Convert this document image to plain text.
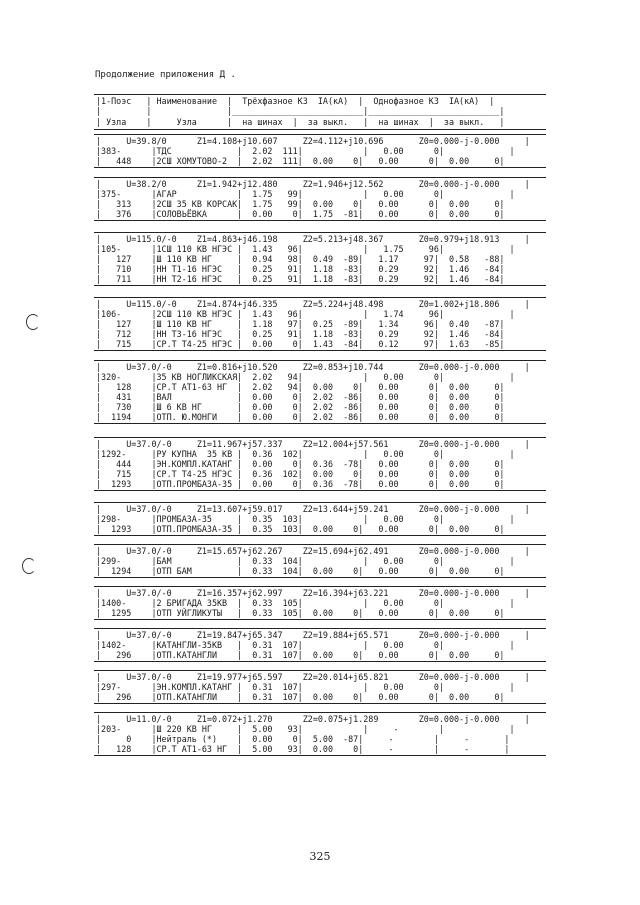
Продолжение приложения Д .
|1-Поэс   | Наименование  |  Трёхфазное КЗ  IA(кА)  |  Однофазное КЗ  IA(кА)  |
|         |               |__________________________|__________________________|
| Узла    |     Узла      |  на шинах  |  за выкл.   |  на шинах  |  за выкл.   |
|     U=39.8/0      Z1=4.108+j10.607     Z2=4.112+j10.696       Z0=0.000-j-0.000     |
|383-      |ТДС             |  2.02  111|            |   0.00      0|             |
|   448    |2СШ ХОМУТОВО-2  |  2.02  111|  0.00    0|   0.00      0|  0.00     0|
|     U=38.2/0      Z1=1.942+j12.480     Z2=1.946+j12.562       Z0=0.000-j-0.000     |
|375-      |АГАР            |  1.75   99|            |   0.00      0|             |
|   313    |2СШ 35 КВ КОРСАК|  1.75   99|  0.00    0|   0.00      0|  0.00     0|
|   376    |СОЛОВЬЁВКА      |  0.00    0|  1.75  -81|   0.00      0|  0.00     0|
|     U=115.0/-0    Z1=4.863+j46.198     Z2=5.213+j48.367       Z0=0.979+j18.913     |
|105-      |1СШ 110 КВ НГЭС |  1.43   96|            |   1.75     96|             |
|   127    |Ш 110 КВ НГ     |  0.94   98|  0.49  -89|   1.17     97|  0.58   -88|
|   710    |НН Т1-16 НГЭС   |  0.25   91|  1.18  -83|   0.29     92|  1.46   -84|
|   711    |НН Т2-16 НГЭС   |  0.25   91|  1.18  -83|   0.29     92|  1.46   -84|
|     U=115.0/-0    Z1=4.874+j46.335     Z2=5.224+j48.498       Z0=1.002+j18.806     |
|106-      |2СШ 110 КВ НГЭС |  1.43   96|            |   1.74     96|             |
|   127    |Ш 110 КВ НГ     |  1.18   97|  0.25  -89|   1.34     96|  0.40   -87|
|   712    |НН Т3-16 НГЭС   |  0.25   91|  1.18  -83|   0.29     92|  1.46   -84|
|   715    |СР.Т Т4-25 НГЭС |  0.00    0|  1.43  -84|   0.12     97|  1.63   -85|
|     U=37.0/-0     Z1=0.816+j10.520     Z2=0.853+j10.744       Z0=0.000-j-0.000     |
|320-      |35 КВ НОГЛИКСКАЯ|  2.02   94|            |   0.00      0|             |
|   128    |СР.Т АТ1-63 НГ  |  2.02   94|  0.00    0|   0.00      0|  0.00     0|
|   431    |ВАЛ             |  0.00    0|  2.02  -86|   0.00      0|  0.00     0|
|   730    |Ш 6 КВ НГ       |  0.00    0|  2.02  -86|   0.00      0|  0.00     0|
|  1194    |ОТП. Ю.МОНГИ    |  0.00    0|  2.02  -86|   0.00      0|  0.00     0|
|     U=37.0/-0     Z1=11.967+j57.337    Z2=12.004+j57.561      Z0=0.000-j-0.000     |
|1292-     |РУ КУПНА  35 КВ |  0.36  102|            |   0.00      0|             |
|   444    |ЭН.КОМПЛ.КАТАНГ |  0.00    0|  0.36  -78|   0.00      0|  0.00     0|
|   715    |СР.Т Т4-25 НГЭС |  0.36  102|  0.00    0|   0.00      0|  0.00     0|
|  1293    |ОТП.ПРОМБАЗА-35 |  0.00    0|  0.36  -78|   0.00      0|  0.00     0|
|     U=37.0/-0     Z1=13.607+j59.017    Z2=13.644+j59.241      Z0=0.000-j-0.000     |
|298-      |ПРОМБАЗА-35     |  0.35  103|            |   0.00      0|             |
|  1293    |ОТП.ПРОМБАЗА-35 |  0.35  103|  0.00    0|   0.00      0|  0.00     0|
|     U=37.0/-0     Z1=15.657+j62.267    Z2=15.694+j62.491      Z0=0.000-j-0.000     |
|299-      |БАМ             |  0.33  104|            |   0.00      0|             |
|  1294    |ОТП БАМ         |  0.33  104|  0.00    0|   0.00      0|  0.00     0|
|     U=37.0/-0     Z1=16.357+j62.997    Z2=16.394+j63.221      Z0=0.000-j-0.000     |
|1400-     |2 БРИГАДА 35КВ  |  0.33  105|            |   0.00      0|             |
|  1295    |ОТП УЙГЛИКУТЫ   |  0.33  105|  0.00    0|   0.00      0|  0.00     0|
|     U=37.0/-0     Z1=19.847+j65.347    Z2=19.884+j65.571      Z0=0.000-j-0.000     |
|1402-     |КАТАНГЛИ-35КВ   |  0.31  107|            |   0.00      0|             |
|   296    |ОТП.КАТАНГЛИ    |  0.31  107|  0.00    0|   0.00      0|  0.00     0|
|     U=37.0/-0     Z1=19.977+j65.597    Z2=20.014+j65.821      Z0=0.000-j-0.000     |
|297-      |ЭН.КОМПЛ.КАТАНГ |  0.31  107|            |   0.00      0|             |
|   296    |ОТП.КАТАНГЛИ    |  0.31  107|  0.00    0|   0.00      0|  0.00     0|
|     U=11.0/-0     Z1=0.072+j1.270      Z2=0.075+j1.289        Z0=0.000-j-0.000     |
|203-      |Ш 220 КВ НГ     |  5.00   93|            |     -        |             |
|     0    |Нейтраль (*)    |  0.00    0|  5.00  -87|     -        |     -       |
|   128    |СР.Т АТ1-63 НГ  |  5.00   93|  0.00    0|     -        |     -       |
325
